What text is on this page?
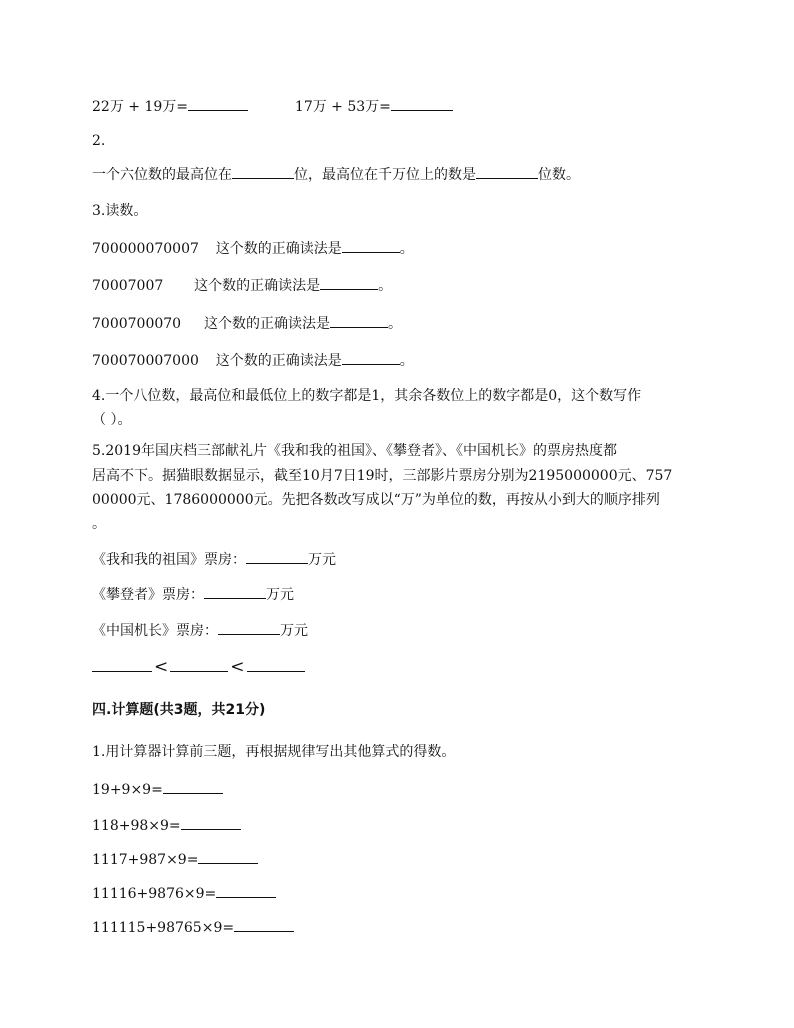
22万 + 19万=	17万 + 53万=
2.
一个六位数的最高位在	位，最高位在千万位上的数是	位数。
3.读数。
700000070007 这个数的正确读法是	。
70007007 这个数的正确读法是	。
7000700070 这个数的正确读法是	。
700070007000 这个数的正确读法是	。
4.一个八位数，最高位和最低位上的数字都是1，其余各数位上的数字都是0，这个数写作
（ ）。
5.2019年国庆档三部献礼片《我和我的祖国》、《攀登者》、《中国机长》的票房热度都
居高不下。据猫眼数据显示，截至10月7日19时，三部影片票房分别为2195000000元、757
00000元、1786000000元。先把各数改写成以“万”为单位的数，再按从小到大的顺序排列
。
《我和我的祖国》票房：	万元
《攀登者》票房：	万元
《中国机长》票房：	万元
<	<
四.计算题(共3题，共21分)
1.用计算器计算前三题，再根据规律写出其他算式的得数。
19+9×9=
118+98×9=
1117+987×9=
11116+9876×9=
111115+98765×9=
